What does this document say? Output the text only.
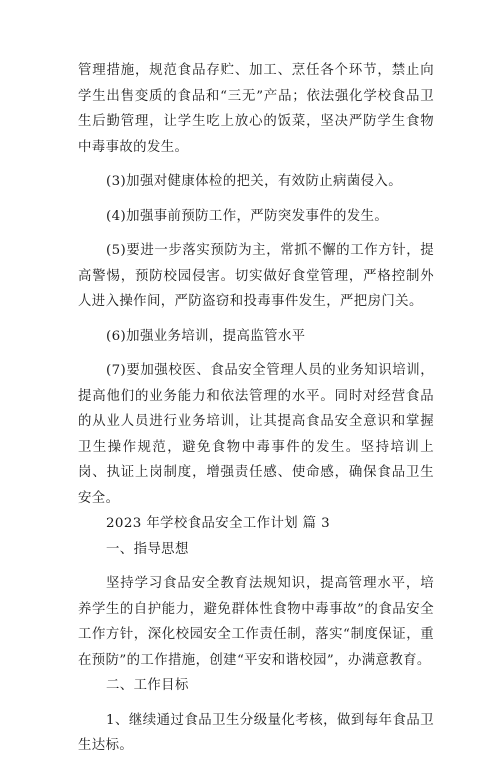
管理措施，规范食品存贮、加工、烹任各个环节，禁止向学生出售变质的食品和“三无”产品；依法强化学校食品卫生后勤管理，让学生吃上放心的饭菜，坚决严防学生食物中毒事故的发生。

(3)加强对健康体检的把关，有效防止病菌侵入。

(4)加强事前预防工作，严防突发事件的发生。

(5)要进一步落实预防为主，常抓不懈的工作方针，提高警惕，预防校园侵害。切实做好食堂管理，严格控制外人进入操作间，严防盗窃和投毒事件发生，严把房门关。

(6)加强业务培训，提高监管水平

(7)要加强校医、食品安全管理人员的业务知识培训，提高他们的业务能力和依法管理的水平。同时对经营食品的从业人员进行业务培训，让其提高食品安全意识和掌握卫生操作规范，避免食物中毒事件的发生。坚持培训上岗、执证上岗制度，增强责任感、使命感，确保食品卫生安全。

2023 年学校食品安全工作计划 篇 3

一、指导思想

坚持学习食品安全教育法规知识，提高管理水平，培养学生的自护能力，避免群体性食物中毒事故”的食品安全工作方针，深化校园安全工作责任制，落实“制度保证，重在预防”的工作措施，创建“平安和谐校园”，办满意教育。

二、工作目标

1、继续通过食品卫生分级量化考核，做到每年食品卫生达标。
